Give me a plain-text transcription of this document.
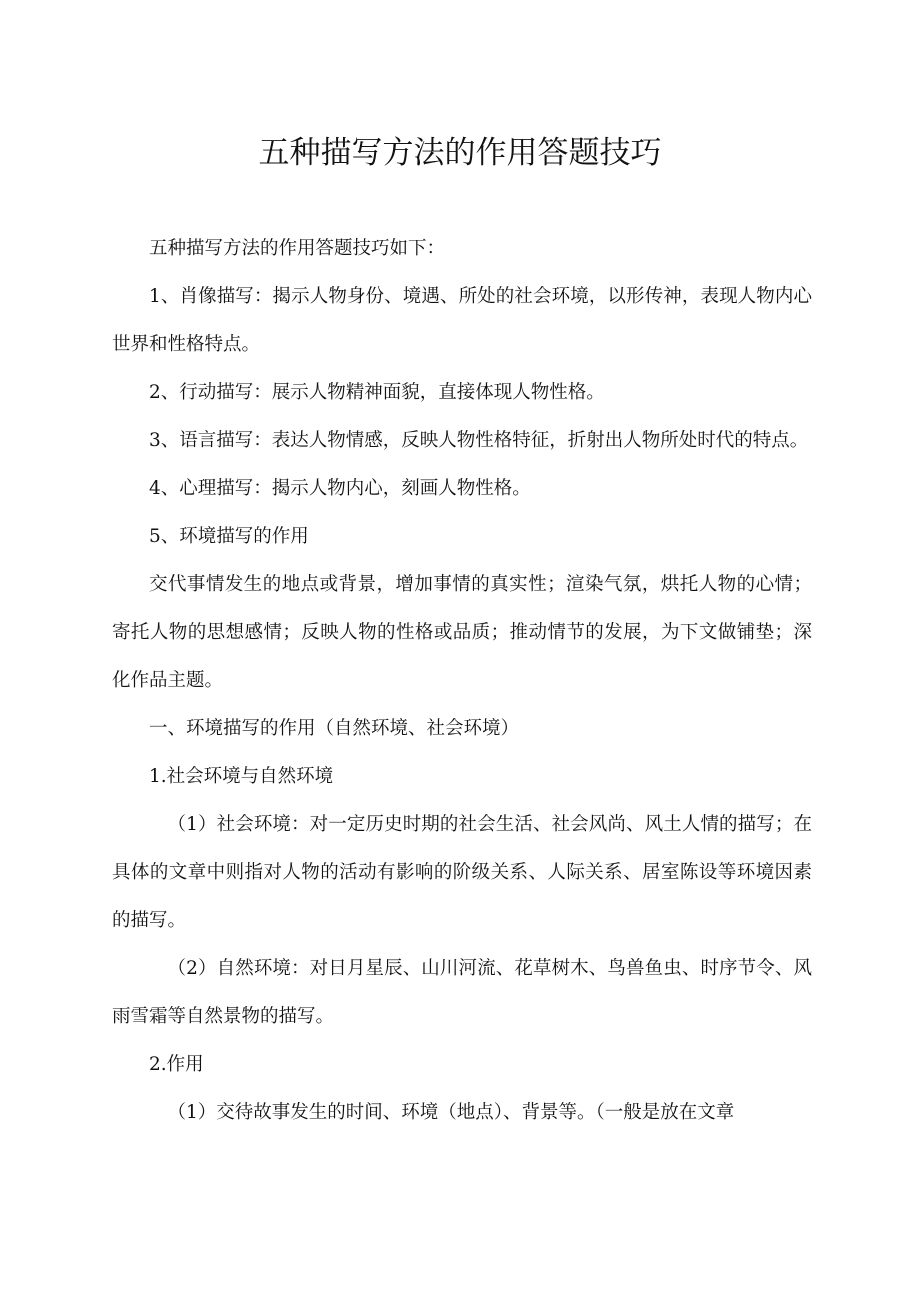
五种描写方法的作用答题技巧

五种描写方法的作用答题技巧如下：

1、肖像描写：揭示人物身份、境遇、所处的社会环境，以形传神，表现人物内心世界和性格特点。

2、行动描写：展示人物精神面貌，直接体现人物性格。

3、语言描写：表达人物情感，反映人物性格特征，折射出人物所处时代的特点。

4、心理描写：揭示人物内心，刻画人物性格。

5、环境描写的作用

交代事情发生的地点或背景，增加事情的真实性；渲染气氛，烘托人物的心情；寄托人物的思想感情；反映人物的性格或品质；推动情节的发展，为下文做铺垫；深化作品主题。

一、环境描写的作用（自然环境、社会环境）

1.社会环境与自然环境

（1）社会环境：对一定历史时期的社会生活、社会风尚、风土人情的描写；在具体的文章中则指对人物的活动有影响的阶级关系、人际关系、居室陈设等环境因素的描写。

（2）自然环境：对日月星辰、山川河流、花草树木、鸟兽鱼虫、时序节令、风雨雪霜等自然景物的描写。

2.作用

（1）交待故事发生的时间、环境（地点）、背景等。（一般是放在文章
